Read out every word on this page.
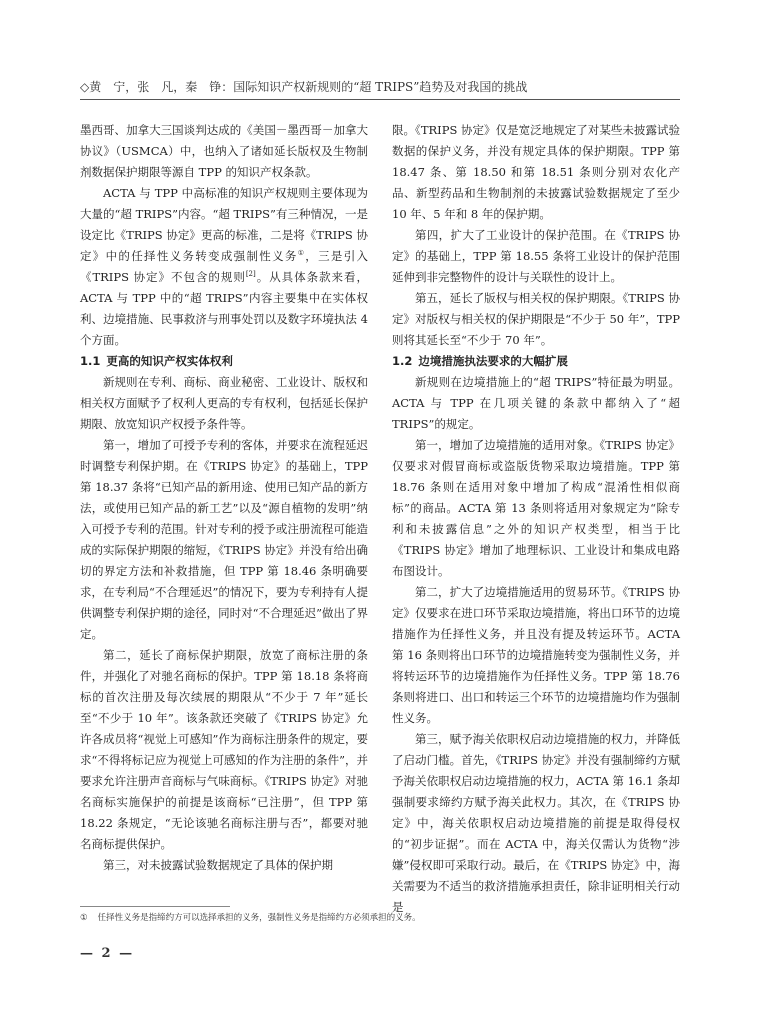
◇黄　宁，张　凡，秦　铮：国际知识产权新规则的“超 TRIPS”趋势及对我国的挑战

墨西哥、加拿大三国谈判达成的《美国－墨西哥－加拿大协议》（USMCA）中，也纳入了诸如延长版权及生物制剂数据保护期限等源自 TPP 的知识产权条款。

ACTA 与 TPP 中高标准的知识产权规则主要体现为大量的“超 TRIPS”内容。“超 TRIPS”有三种情况，一是设定比《TRIPS 协定》更高的标准，二是将《TRIPS 协定》中的任择性义务转变成强制性义务①，三是引入《TRIPS 协定》不包含的规则[2]。从具体条款来看，ACTA 与 TPP 中的“超 TRIPS”内容主要集中在实体权利、边境措施、民事救济与刑事处罚以及数字环境执法 4 个方面。

1.1 更高的知识产权实体权利

新规则在专利、商标、商业秘密、工业设计、版权和相关权方面赋予了权利人更高的专有权利，包括延长保护期限、放宽知识产权授予条件等。

第一，增加了可授予专利的客体，并要求在流程延迟时调整专利保护期。在《TRIPS 协定》的基础上，TPP 第 18.37 条将“已知产品的新用途、使用已知产品的新方法，或使用已知产品的新工艺”以及“源自植物的发明”纳入可授予专利的范围。针对专利的授予或注册流程可能造成的实际保护期限的缩短，《TRIPS 协定》并没有给出确切的界定方法和补救措施，但 TPP 第 18.46 条明确要求，在专利局“不合理延迟”的情况下，要为专利持有人提供调整专利保护期的途径，同时对“不合理延迟”做出了界定。

第二，延长了商标保护期限，放宽了商标注册的条件，并强化了对驰名商标的保护。TPP 第 18.18 条将商标的首次注册及每次续展的期限从“不少于 7 年”延长至“不少于 10 年”。该条款还突破了《TRIPS 协定》允许各成员将“视觉上可感知”作为商标注册条件的规定，要求“不得将标记应为视觉上可感知的作为注册的条件”，并要求允许注册声音商标与气味商标。《TRIPS 协定》对驰名商标实施保护的前提是该商标“已注册”，但 TPP 第 18.22 条规定，“无论该驰名商标注册与否”，都要对驰名商标提供保护。

第三，对未披露试验数据规定了具体的保护期

限。《TRIPS 协定》仅是宽泛地规定了对某些未披露试验数据的保护义务，并没有规定具体的保护期限。TPP 第 18.47 条、第 18.50 和第 18.51 条则分别对农化产品、新型药品和生物制剂的未披露试验数据规定了至少 10 年、5 年和 8 年的保护期。

第四，扩大了工业设计的保护范围。在《TRIPS 协定》的基础上，TPP 第 18.55 条将工业设计的保护范围延伸到非完整物件的设计与关联性的设计上。

第五，延长了版权与相关权的保护期限。《TRIPS 协定》对版权与相关权的保护期限是“不少于 50 年”，TPP 则将其延长至“不少于 70 年”。

1.2 边境措施执法要求的大幅扩展

新规则在边境措施上的“超 TRIPS”特征最为明显。ACTA 与 TPP 在几项关键的条款中都纳入了“超 TRIPS”的规定。

第一，增加了边境措施的适用对象。《TRIPS 协定》仅要求对假冒商标或盗版货物采取边境措施。TPP 第 18.76 条则在适用对象中增加了构成“混淆性相似商标”的商品。ACTA 第 13 条则将适用对象规定为“除专利和未披露信息”之外的知识产权类型，相当于比《TRIPS 协定》增加了地理标识、工业设计和集成电路布图设计。

第二，扩大了边境措施适用的贸易环节。《TRIPS 协定》仅要求在进口环节采取边境措施，将出口环节的边境措施作为任择性义务，并且没有提及转运环节。ACTA 第 16 条则将出口环节的边境措施转变为强制性义务，并将转运环节的边境措施作为任择性义务。TPP 第 18.76 条则将进口、出口和转运三个环节的边境措施均作为强制性义务。

第三，赋予海关依职权启动边境措施的权力，并降低了启动门槛。首先，《TRIPS 协定》并没有强制缔约方赋予海关依职权启动边境措施的权力，ACTA 第 16.1 条却强制要求缔约方赋予海关此权力。其次，在《TRIPS 协定》中，海关依职权启动边境措施的前提是取得侵权的“初步证据”。而在 ACTA 中，海关仅需认为货物“涉嫌”侵权即可采取行动。最后，在《TRIPS 协定》中，海关需要为不适当的救济措施承担责任，除非证明相关行动是

① 任择性义务是指缔约方可以选择承担的义务，强制性义务是指缔约方必须承担的义务。
— 2 —
